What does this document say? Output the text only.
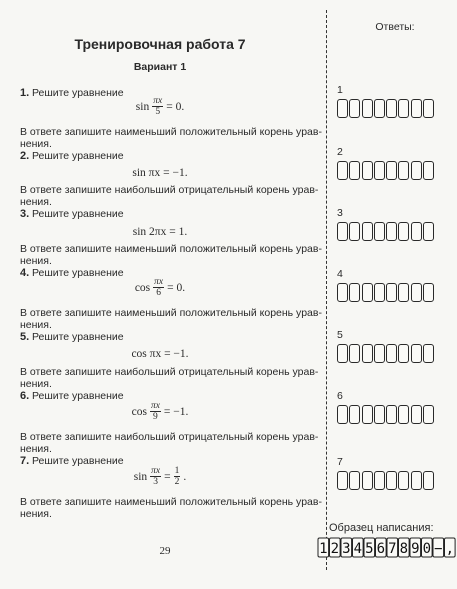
Тренировочная работа 7
Вариант 1
1. Решите уравнение
$\sin \frac{\pi x}{5} = 0$.
В ответе запишите наименьший положительный корень урав-
нения.
2. Решите уравнение
sin πx = −1.
В ответе запишите наибольший отрицательный корень урав-
нения.
3. Решите уравнение
sin 2πx = 1.
В ответе запишите наименьший положительный корень урав-
нения.
4. Решите уравнение
$\cos \frac{\pi x}{6} = 0$.
В ответе запишите наименьший положительный корень урав-
нения.
5. Решите уравнение
cos πx = −1.
В ответе запишите наибольший отрицательный корень урав-
нения.
6. Решите уравнение
$\cos \frac{\pi x}{9} = -1$.
В ответе запишите наибольший отрицательный корень урав-
нения.
7. Решите уравнение
$\sin \frac{\pi x}{3} = \frac{1}{2}$ .
В ответе запишите наименьший положительный корень урав-
нения.
29
Ответы:
1
2
3
4
5
6
7
Образец написания:
1 2 3 4 5 6 7 8 9 0 − ,
